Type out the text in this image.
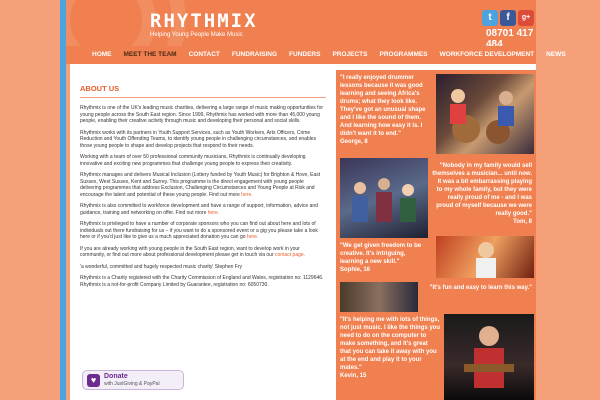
RHYTHMIX
Helping Young People Make Music	08701 417 484
t	f	g+
HOME	MEET THE TEAM	CONTACT	FUNDRAISING	FUNDERS	PROJECTS	PROGRAMMES	WORKFORCE DEVELOPMENT	NEWS
ABOUT US

Rhythmix is one of the UK's leading music charities, delivering a large range of music making opportunities for young people across the South East region. Since 1999, Rhythmix has worked with more than 45,000 young people, enabling their creative activity through music and developing their personal and social skills.

Rhythmix works with its partners in Youth Support Services, such as Youth Workers, Arts Officers, Crime Reduction and Youth Offending Teams, to identify young people in challenging circumstances, and enables those young people to shape and develop projects that respond to their needs.

Working with a team of over 50 professional community musicians, Rhythmix is continually developing innovative and exciting new programmes that challenge young people to express their creativity.

Rhythmix manages and delivers Musical Inclusion (Lottery funded by Youth Music) for Brighton & Hove, East Sussex, West Sussex, Kent and Surrey. This programme is the direct engagement with young people delivering programmes that address Exclusion, Challenging Circumstances and Young People at Risk and encourage the talent and potential of these young people. Find out more here.

Rhythmix is also committed to workforce development and have a range of support, information, advice and guidance, training and networking on offer. Find out more here.

Rhythmix is privileged to have a number of corporate sponsors who you can find out about here and lots of individuals out there fundraising for us – if you want to do a sponsored event or a gig you please take a look here or if you'd just like to give us a much appreciated donation you can go here.

If you are already working with young people in the South East region, want to develop work in your community, or find out more about professional development please get in touch via our contact page.

'a wonderful, committed and hugely respected music charity' Stephen Fry

Rhythmix is a Charity registered with the Charity Commission of England and Wales, registration no: 1129646. Rhythmix is a not-for-profit Company Limited by Guarantee, registration no: 6050730.

♥	Donate
with JustGiving & PayPal
"I really enjoyed drummer lessons because it was good learning and seeing Africa's drums; what they look like. They've got an unusual shape and I like the sound of them. And learning how easy it is. I didn't want it to end."
George, 8
"Nobody in my family would sell themselves a musician... until now. It was a bit embarrassing playing to my whole family, but they were really proud of me - and I was proud of myself because we were really good."
Tom, 8
"We get given freedom to be creative. It's intriguing, learning a new skill."
Sophie, 16
"It's fun and easy to learn this way."
"It's helping me with lots of things, not just music. I like the things you need to do on the computer to make something, and it's great that you can take it away with you at the end and play it to your mates."
Kevin, 15
